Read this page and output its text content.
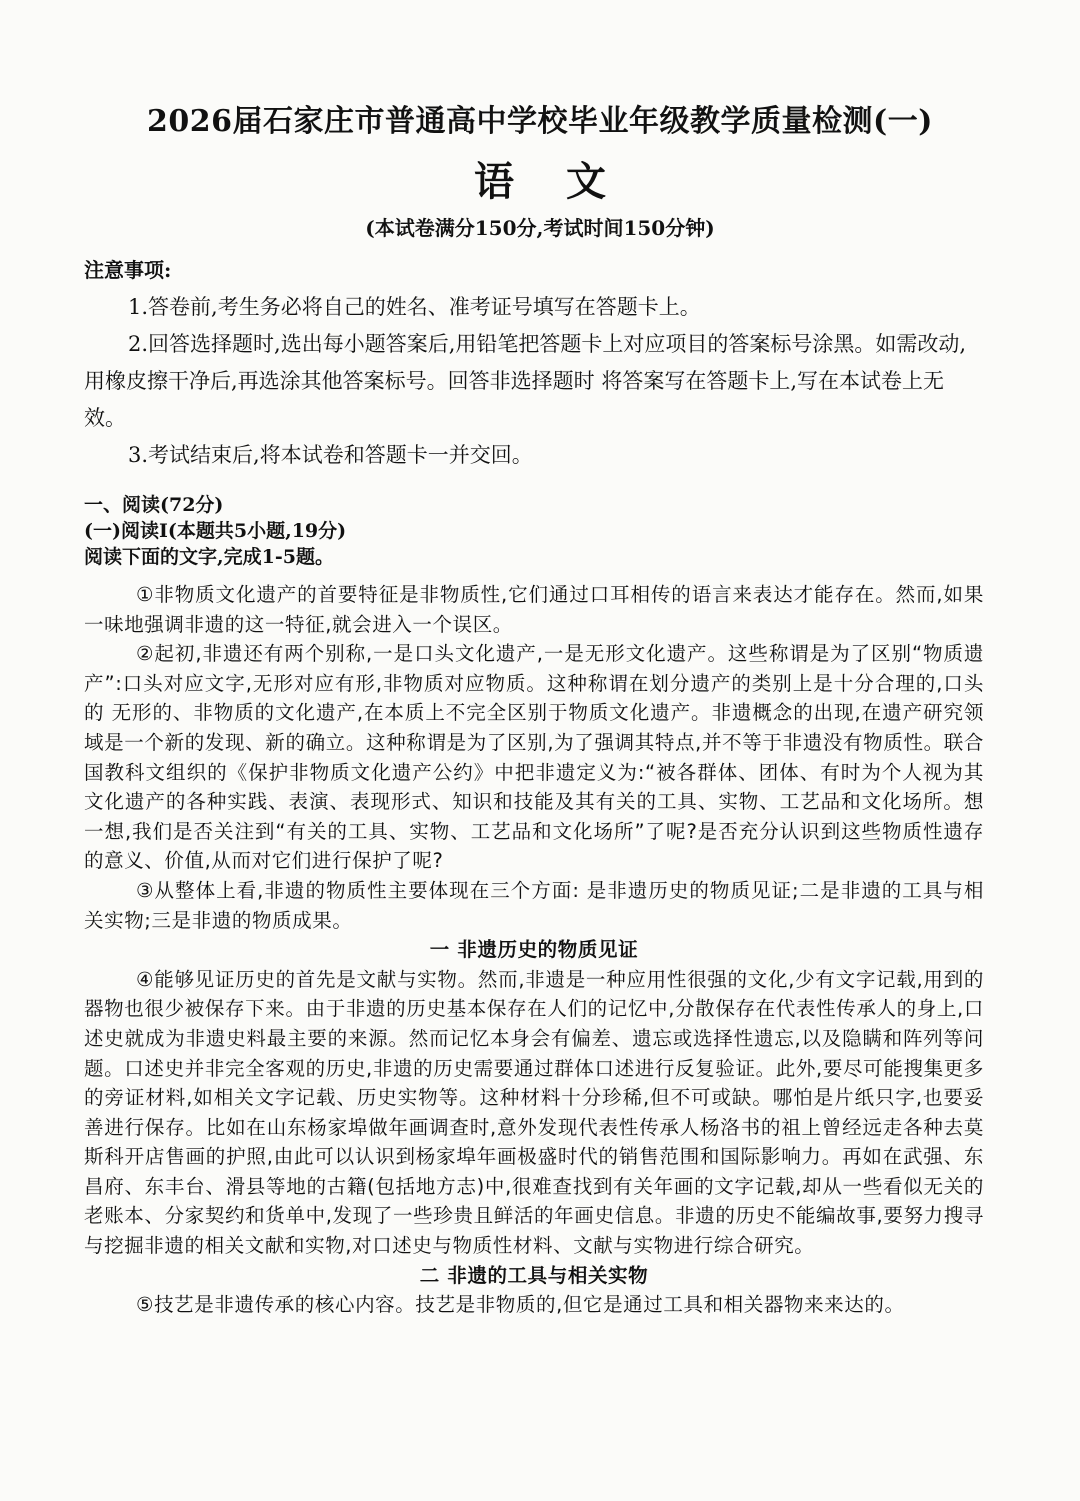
2026届石家庄市普通高中学校毕业年级教学质量检测(一)
语文
(本试卷满分150分,考试时间150分钟)

注意事项:

1.答卷前,考生务必将自己的姓名、准考证号填写在答题卡上。

2.回答选择题时,选出每小题答案后,用铅笔把答题卡上对应项目的答案标号涂黑。如需改动,用橡皮擦干净后,再选涂其他答案标号。回答非选择题时 将答案写在答题卡上,写在本试卷上无效。

3.考试结束后,将本试卷和答题卡一并交回。

一、阅读(72分)
(一)阅读Ⅰ(本题共5小题,19分)
阅读下面的文字,完成1-5题。

①非物质文化遗产的首要特征是非物质性,它们通过口耳相传的语言来表达才能存在。然而,如果一味地强调非遗的这一特征,就会进入一个误区。

②起初,非遗还有两个别称,一是口头文化遗产,一是无形文化遗产。这些称谓是为了区别“物质遗产”:口头对应文字,无形对应有形,非物质对应物质。这种称谓在划分遗产的类别上是十分合理的,口头的 无形的、非物质的文化遗产,在本质上不完全区别于物质文化遗产。非遗概念的出现,在遗产研究领域是一个新的发现、新的确立。这种称谓是为了区别,为了强调其特点,并不等于非遗没有物质性。联合国教科文组织的《保护非物质文化遗产公约》中把非遗定义为:“被各群体、团体、有时为个人视为其文化遗产的各种实践、表演、表现形式、知识和技能及其有关的工具、实物、工艺品和文化场所。想一想,我们是否关注到“有关的工具、实物、工艺品和文化场所”了呢?是否充分认识到这些物质性遗存的意义、价值,从而对它们进行保护了呢?

③从整体上看,非遗的物质性主要体现在三个方面: 是非遗历史的物质见证;二是非遗的工具与相关实物;三是非遗的物质成果。

一 非遗历史的物质见证

④能够见证历史的首先是文献与实物。然而,非遗是一种应用性很强的文化,少有文字记载,用到的器物也很少被保存下来。由于非遗的历史基本保存在人们的记忆中,分散保存在代表性传承人的身上,口述史就成为非遗史料最主要的来源。然而记忆本身会有偏差、遗忘或选择性遗忘,以及隐瞒和阵列等问题。口述史并非完全客观的历史,非遗的历史需要通过群体口述进行反复验证。此外,要尽可能搜集更多的旁证材料,如相关文字记载、历史实物等。这种材料十分珍稀,但不可或缺。哪怕是片纸只字,也要妥善进行保存。比如在山东杨家埠做年画调查时,意外发现代表性传承人杨洛书的祖上曾经远走各种去莫斯科开店售画的护照,由此可以认识到杨家埠年画极盛时代的销售范围和国际影响力。再如在武强、东昌府、东丰台、滑县等地的古籍(包括地方志)中,很难查找到有关年画的文字记载,却从一些看似无关的老账本、分家契约和货单中,发现了一些珍贵且鲜活的年画史信息。非遗的历史不能编故事,要努力搜寻与挖掘非遗的相关文献和实物,对口述史与物质性材料、文献与实物进行综合研究。

二 非遗的工具与相关实物

⑤技艺是非遗传承的核心内容。技艺是非物质的,但它是通过工具和相关器物来来达的。
